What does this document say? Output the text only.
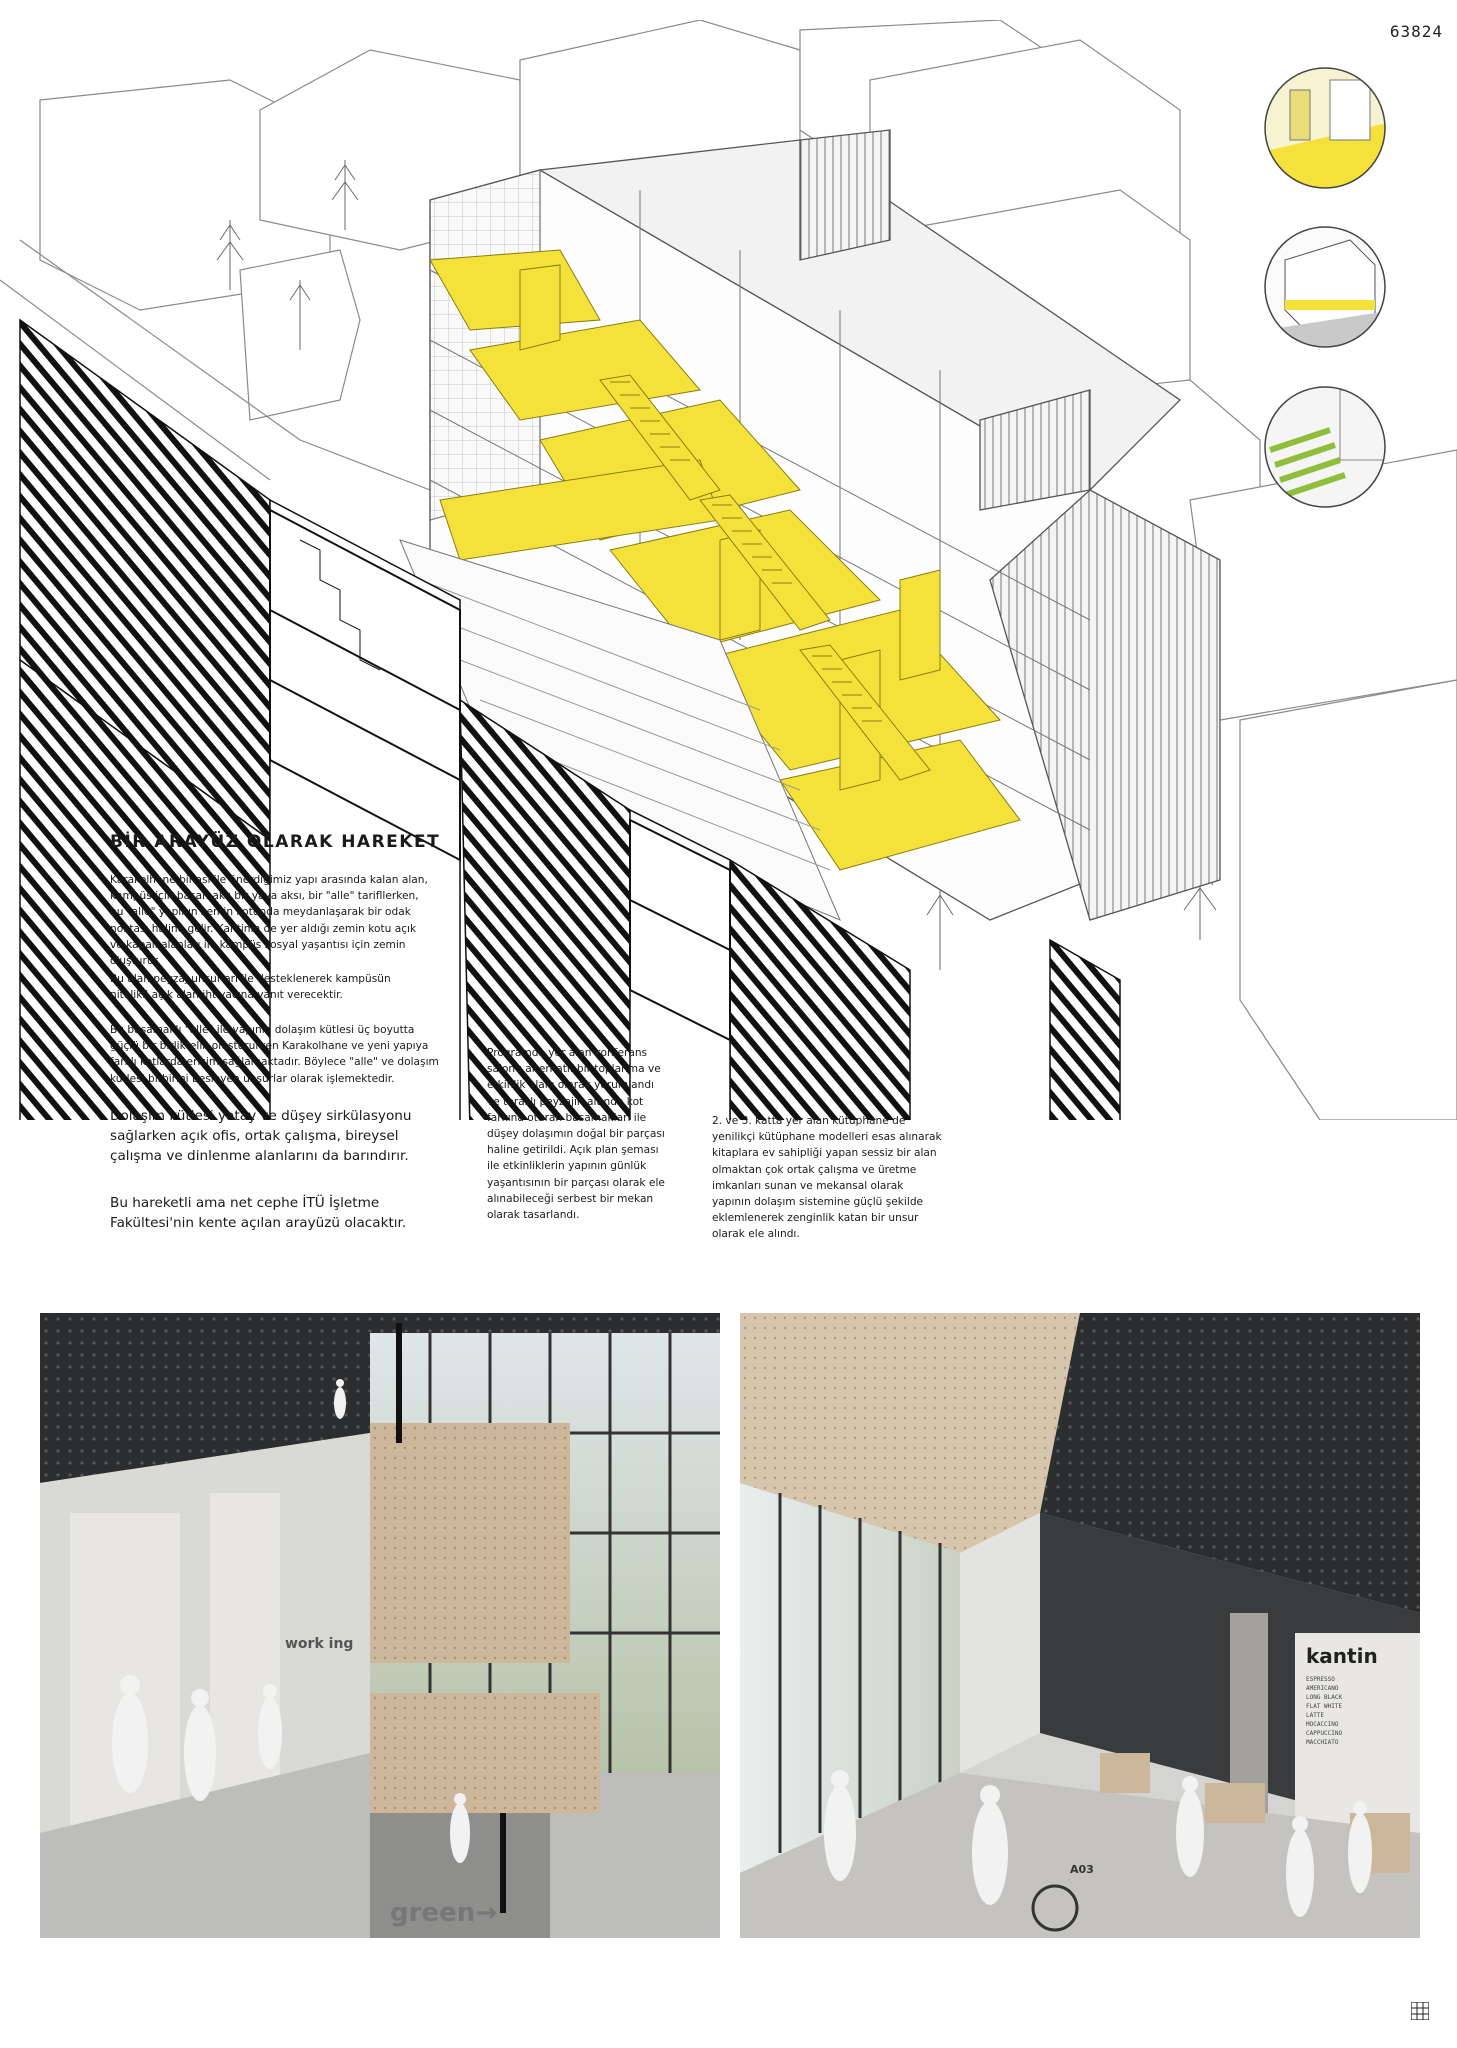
63824
BİR ARAYÜZ OLARAK HAREKET
Karakolhane binası ile önerdiğimiz yapı arasında kalan alan, kampüs için basamaklı bir yaya aksı, bir "alle" tarifllerken, bu "alle" yapının zemin kotunda meydanlaşarak bir odak noktası haline gelir. Kantinin de yer aldığı zemin kotu açık ve kapalı alanları ile kampüs sosyal yaşantısı için zemin oluşturur.
Bu alan peyzaj unsurları ile desteklenerek kampüsün nitelikli açık alan ihtiyacına yanıt verecektir.
Bu basamaklı "alle" ile yapının dolaşım kütlesi üç boyutta güçlü bir birliktelik oluştururken Karakolhane ve yeni yapıya farklı kotlarda erişim sağlamaktadır. Böylece "alle" ve dolaşım kütlesi birbirini besleyen unsurlar olarak işlemektedir.
Dolaşım kütlesi yatay ve düşey sirkülasyonu sağlarken açık ofis, ortak çalışma, bireysel çalışma ve dinlenme alanlarını da barındırır.
Bu hareketli ama net cephe İTÜ İşletme Fakültesi'nin kente açılan arayüzü olacaktır.
Programda yer alan konferans salonu alternatif bir toplanma ve etkinlik alanı olarak yorumlandı ve teraslı peyzajın altında kot farkına oturan basamakları ile düşey dolaşımın doğal bir parçası haline getirildi. Açık plan şeması ile etkinliklerin yapının günlük yaşantısının bir parçası olarak ele alınabileceği serbest bir mekan olarak tasarlandı.
2. ve 3. katta yer alan kütüphane de yenilikçi kütüphane modelleri esas alınarak kitaplara ev sahipliği yapan sessiz bir alan olmaktan çok ortak çalışma ve üretme imkanları sunan ve mekansal olarak yapının dolaşım sistemine güçlü şekilde eklemlenerek zenginlik katan bir unsur olarak ele alındı.
green→
work ing	kantin
ESPRESSO
AMERICANO
LONG BLACK
FLAT WHITE
LATTE
MOCACCINO
CAPPUCCINO
MACCHIATO
A03
